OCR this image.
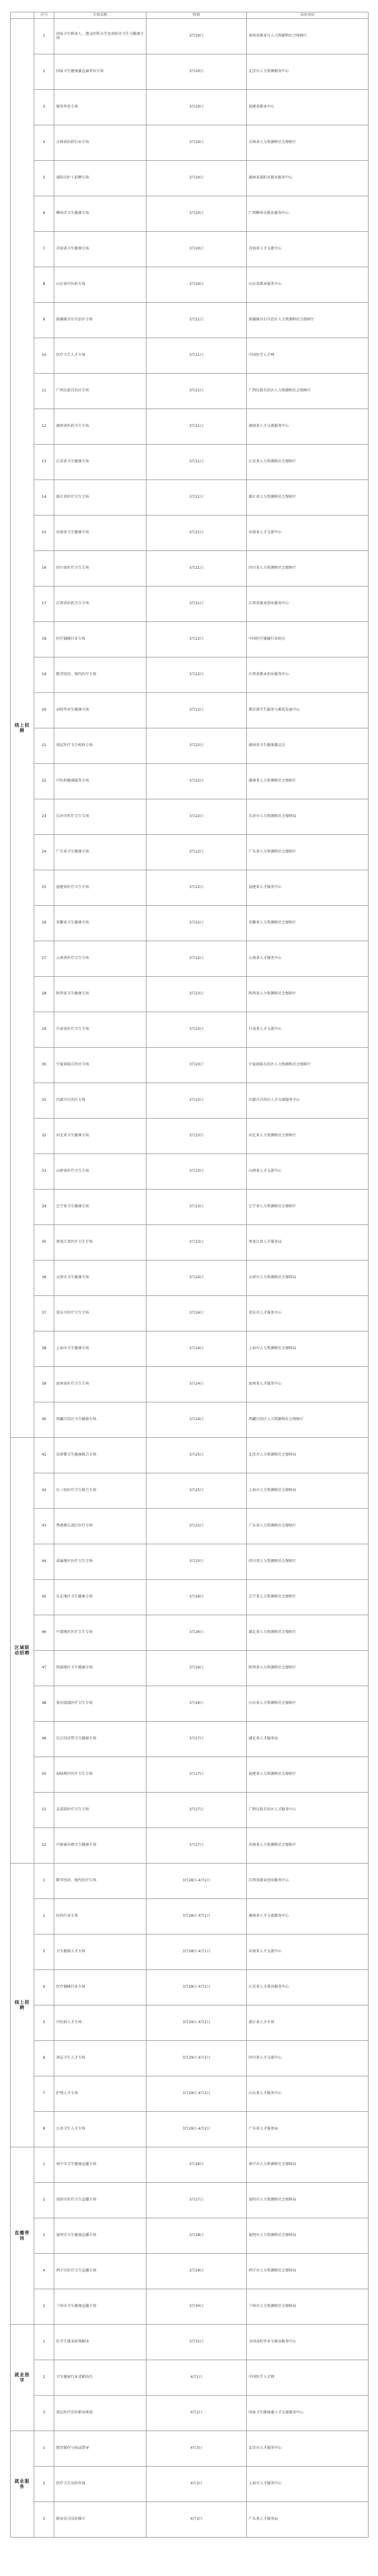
	序号	专场名称	时间	承办单位
线上招聘	1	国家卫生职业人，遵义医科大学及贵阳市卫生与健康专场	3月20日	贵州省就业与人力资源和社会保障厅
	2	国家卫生健康委直属单位专场	3月20日	北京市人力资源服务中心
	3	服务外包专场	3月20日	福建省就业中心
	4	吉林省医药行业专场	3月20日	吉林省人力资源和社会保障厅
	5	邵阳市护士招聘专场	3月20日	湖南省邵阳市就业服务中心
	6	柳州市卫生健康专场	3月20日	广西柳州市就业服务中心
	7	青海省卫生健康专场	3月20日	青海省人才交流中心
	8	山东省中医药专场	3月20日	山东省就业服务中心
	9	新疆维吾尔自治区专场	3月21日	新疆维吾尔自治区人力资源和社会保障厅
	10	医疗卫生人才专场	3月21日	中国医学人才网
	11	广西壮族自治区专场	3月21日	广西壮族自治区人力资源和社会保障厅
	12	湖南省医药卫生专场	3月21日	湖南省人才交流服务中心
	13	江苏省卫生健康专场	3月21日	江苏省人力资源和社会保障厅
	14	浙江省医疗卫生专场	3月21日	浙江省人力资源和社会保障厅
	15	河南省卫生健康专场	3月21日	河南省人才交流中心
	16	四川省医疗卫生专场	3月21日	四川省人力资源和社会保障厅
	17	江西省医药卫生专场	3月21日	江西省就业创业服务中心
	18	医疗器械行业专场	3月22日	中国医疗器械行业协会
	19	数字经济、现代医疗专场	3月22日	江西省就业创业服务中心
	20	高校毕业生健康专场	3月22日	教育部学生服务与素质发展中心
	21	基层医疗卫生机构专场	3月22日	湖南省卫生健康委员会
	22	中医药健康服务专场	3月22日	湖南省人力资源和社会保障厅
	23	长沙市医疗卫生专场	3月22日	长沙市人力资源和社会保障局
	24	广东省卫生健康专场	3月22日	广东省人力资源和社会保障厅
	25	福建省医疗卫生专场	3月22日	福建省人才服务中心
	26	安徽省卫生健康专场	3月22日	安徽省人力资源和社会保障厅
	27	云南省医疗卫生专场	3月22日	云南省人才服务中心
	28	陕西省卫生健康专场	3月23日	陕西省人力资源和社会保障厅
	29	甘肃省医疗卫生专场	3月23日	甘肃省人才交流中心
	30	宁夏回族自治区专场	3月23日	宁夏回族自治区人力资源和社会保障厅
	31	内蒙古自治区专场	3月23日	内蒙古自治区人才交流服务中心
	32	河北省卫生健康专场	3月23日	河北省人力资源和社会保障厅
	33	山西省医疗卫生专场	3月23日	山西省人才交流中心
	34	辽宁省卫生健康专场	3月23日	辽宁省人力资源和社会保障厅
	35	黑龙江省医疗卫生专场	3月23日	黑龙江省人才服务局
	36	天津市卫生健康专场	3月24日	天津市人力资源和社会保障局
	37	重庆市医疗卫生专场	3月24日	重庆市人才服务中心
	38	上海市卫生健康专场	3月24日	上海市人力资源和社会保障局
	39	海南省医疗卫生专场	3月24日	海南省人才服务中心
	40	西藏自治区卫生健康专场	3月24日	西藏自治区人力资源和社会保障厅
区域联动招聘	41	京津冀卫生健康联合专场	3月25日	北京市人力资源和社会保障局
	42	长三角医疗卫生联合专场	3月25日	上海市人力资源和社会保障局
	43	粤港澳大湾区医疗专场	3月25日	广东省人力资源和社会保障厅
	44	成渝地区医疗卫生专场	3月25日	四川省人力资源和社会保障厅
	45	东北地区卫生健康专场	3月26日	辽宁省人力资源和社会保障厅
	46	中部地区医疗卫生专场	3月26日	湖北省人力资源和社会保障厅
	47	西部地区卫生健康专场	3月26日	陕西省人力资源和社会保障厅
	48	黄河流域医疗卫生专场	3月26日	山东省人力资源和社会保障厅
	49	长江经济带卫生健康专场	3月27日	湖北省人才服务局
	50	海峡两岸医疗卫生专场	3月27日	福建省人力资源和社会保障厅
	51	北部湾医疗卫生专场	3月27日	广西壮族自治区人才服务中心
	52	中原城市群卫生健康专场	3月27日	河南省人力资源和社会保障厅
线上招聘	1	数字经济、现代医疗专场	3月28日-4月1日	江西省就业创业服务中心
	2	医药行业专场	3月28日-4月1日	湖南省人才交流服务中心
	3	卫生健康人才专场	3月28日-4月1日	河南省人才交流中心
	4	医疗器械行业专场	3月28日-4月1日	江苏省人才流动服务中心
	5	中医药人才专场	3月29日-4月2日	浙江省人才市场
	6	基层卫生人才专场	3月29日-4月2日	四川省人才交流中心
	7	护理人才专场	3月29日-4月2日	山东省人才服务中心
	8	公共卫生人才专场	3月29日-4月2日	广东省人才服务局
直播带岗	1	南宁市卫生健康直播专场	3月26日	南宁市人力资源和社会保障局
	2	贵阳市医疗卫生直播专场	3月27日	贵阳市人力资源和社会保障局
	3	昆明市卫生健康直播专场	3月28日	昆明市人力资源和社会保障局
	4	西宁市医疗卫生直播专场	3月29日	西宁市人力资源和社会保障局
	5	兰州市卫生健康直播专场	3月30日	兰州市人力资源和社会保障局
就业指导	1	医学生就业政策解读	3月31日	全国高校毕业生就业服务中心
	2	卫生健康行业求职技巧	4月1日	中国医学人才网
	3	基层医疗岗位职业规划	4月2日	国家卫生健康委人才交流服务中心
就业服务	1	简历制作与面试指导	4月3日	北京市人才服务中心
	2	医疗卫生岗位咨询	4月3日	上海市人才服务中心
	3	就业见习岗位推介	4月3日	广东省人才服务局
